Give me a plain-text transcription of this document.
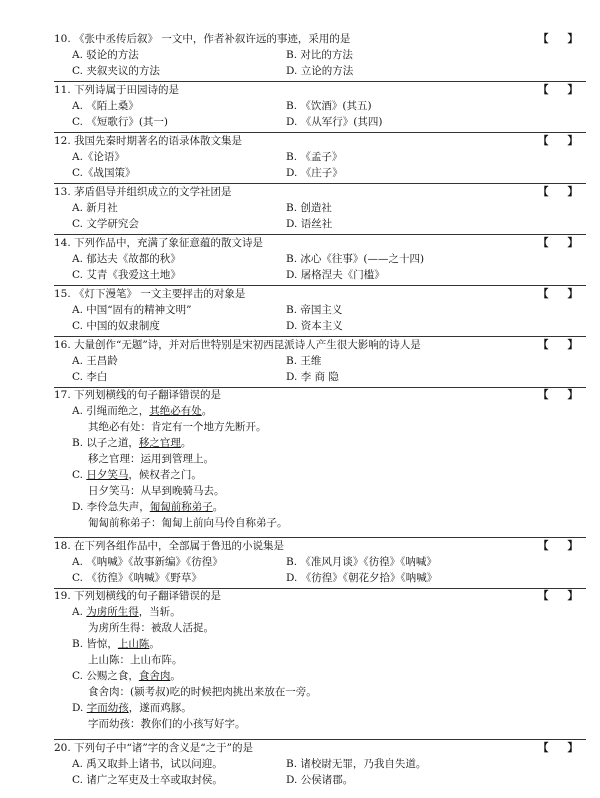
10. 《张中丞传后叙》 一文中，作者补叙许远的事迹，采用的是	【 】
A. 驳论的方法	B. 对比的方法
C. 夹叙夹议的方法	D. 立论的方法
11. 下列诗属于田园诗的是	【 】
A. 《陌上桑》	B. 《饮酒》(其五)
C. 《短歌行》(其一)	D. 《从军行》(其四)
12. 我国先秦时期著名的语录体散文集是	【 】
A.《论语》	B. 《孟子》
C.《战国策》	D. 《庄子》
13. 茅盾倡导并组织成立的文学社团是	【 】
A. 新月社	B. 创造社
C. 文学研究会	D. 语丝社
14. 下列作品中，充满了象征意蕴的散文诗是	【 】
A. 郁达夫《故都的秋》	B. 冰心《往事》(——之十四)
C. 艾青《我爱这土地》	D. 屠格涅夫《门槛》
15. 《灯下漫笔》 一文主要抨击的对象是	【 】
A. 中国“固有的精神文明”	B. 帝国主义
C. 中国的奴隶制度	D. 资本主义
16. 大量创作“无题”诗，并对后世特别是宋初西昆派诗人产生很大影响的诗人是	【 】
A. 王昌龄	B. 王维
C. 李白	D. 李 商 隐
17. 下列划横线的句子翻译错误的是	【 】
A. 引绳而绝之，其绝必有处。
其绝必有处：肯定有一个地方先断开。
B. 以子之道，移之官理。
移之官理：运用到管理上。
C. 日夕笑马，候权者之门。
日夕笑马：从早到晚骑马去。
D. 李伶急失声，匍匐前称弟子。
匍匐前称弟子：匍匐上前向马伶自称弟子。
18. 在下列各组作品中，全部属于鲁迅的小说集是	【 】
A. 《呐喊》《故事新编》《彷徨》	B. 《准风月谈》《彷徨》《呐喊》
C. 《彷徨》《呐喊》《野草》	D. 《彷徨》《朝花夕拾》《呐喊》
19. 下列划横线的句子翻译错误的是	【 】
A. 为虏所生得，当斩。
为虏所生得：被敌人活捉。
B. 皆惊，上山陈。
上山陈：上山布阵。
C. 公赐之食，食舍肉。
食舍肉：(颍考叔)吃的时候把肉挑出来放在一旁。
D. 字而幼孩，遂而鸡豚。
字而幼孩：教你们的小孩写好字。
20. 下列句子中“诸”字的含义是“之于”的是	【 】
A. 禹又取卦上诸书，试以问迎。	B. 诸校尉无罪，乃我自失道。
C. 诸广之军吏及士卒或取封侯。	D. 公侯诸郡。
